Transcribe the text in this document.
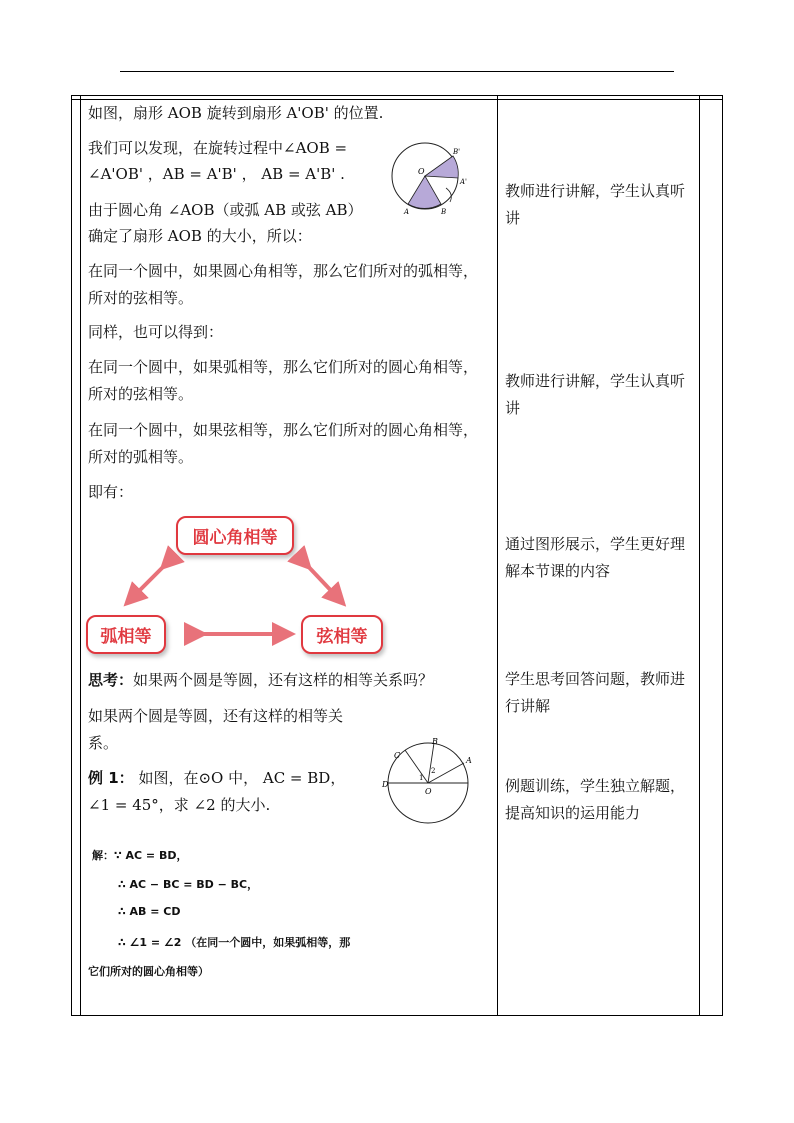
如图，扇形 AOB 旋转到扇形 A'OB' 的位置.
我们可以发现，在旋转过程中∠AOB =
∠A'OB' ，AB = A'B' ， AB = A'B' .
由于圆心角 ∠AOB（或弧 AB 或弦 AB）
确定了扇形 AOB 的大小，所以：
在同一个圆中，如果圆心角相等，那么它们所对的弧相等，
所对的弦相等。
同样，也可以得到：
在同一个圆中，如果弧相等，那么它们所对的圆心角相等，
所对的弦相等。
在同一个圆中，如果弦相等，那么它们所对的圆心角相等，
所对的弧相等。
即有：
A	B
A'
B'
O
圆心角相等
弧相等	弦相等
思考：如果两个圆是等圆，还有这样的相等关系吗？
如果两个圆是等圆，还有这样的相等关
系。
例 1： 如图，在⊙O 中， AC = BD，
∠1 = 45°，求 ∠2 的大小.
C
B
A
D
O
1
2
解：∵ AC = BD，
∴ AC − BC = BD − BC，
∴ AB = CD
∴ ∠1 = ∠2 （在同一个圆中，如果弧相等，那
它们所对的圆心角相等）
教师进行讲解，学生认真听讲
教师进行讲解，学生认真听讲
通过图形展示，学生更好理解本节课的内容
学生思考回答问题，教师进行讲解
例题训练，学生独立解题，提高知识的运用能力
